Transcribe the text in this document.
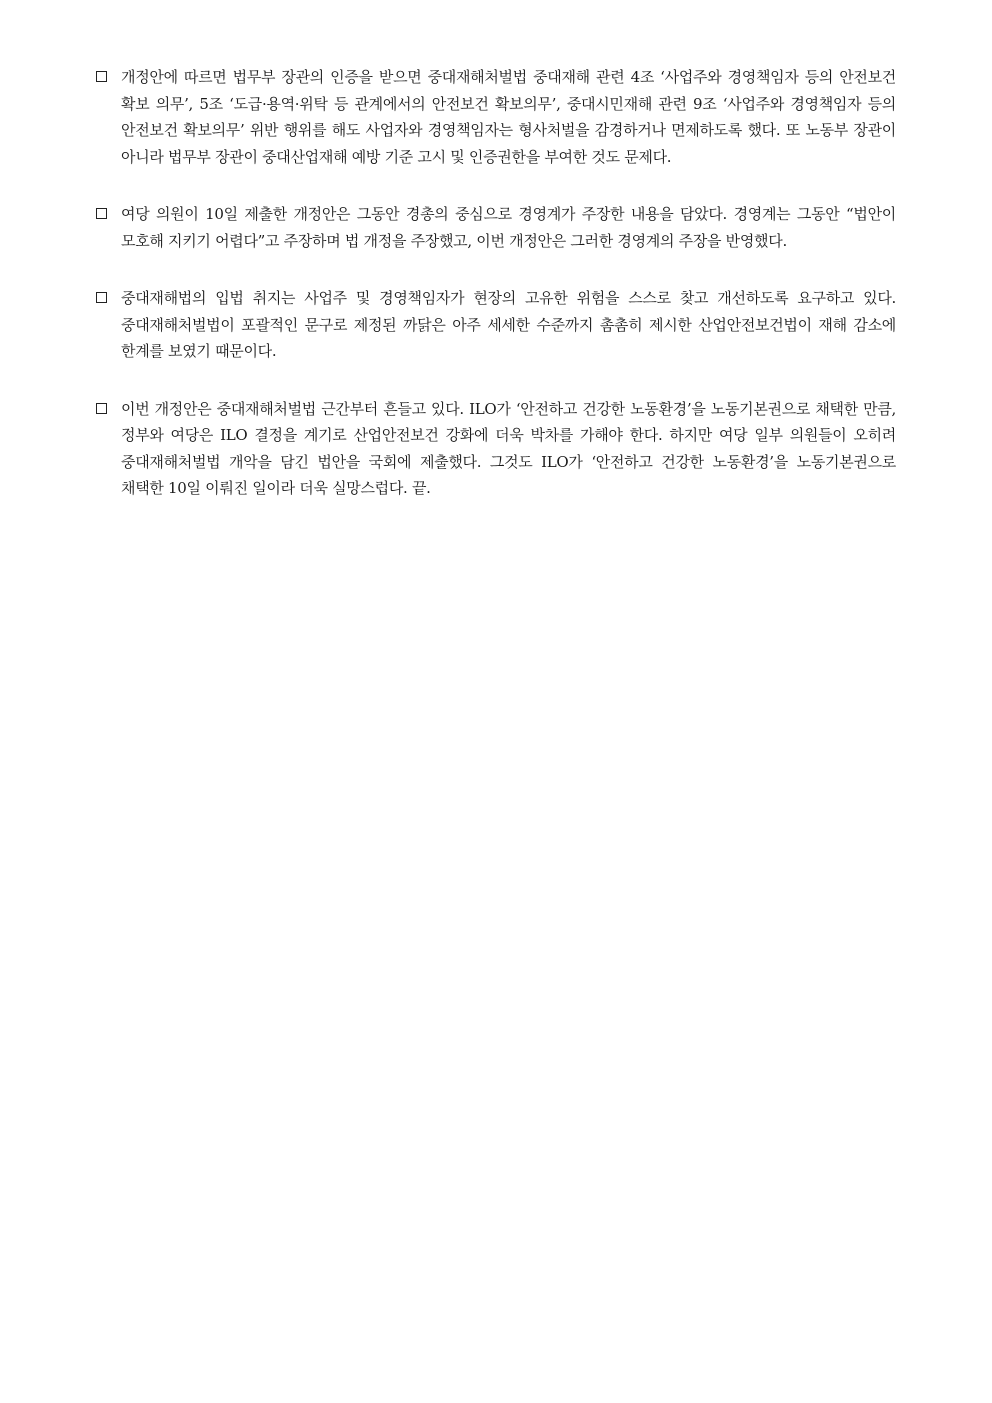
개정안에 따르면 법무부 장관의 인증을 받으면 중대재해처벌법 중대재해 관련 4조 ‘사업주와 경영책임자 등의 안전보건 확보 의무’, 5조 ‘도급·용역·위탁 등 관계에서의 안전보건 확보의무’, 중대시민재해 관련 9조 ‘사업주와 경영책임자 등의 안전보건 확보의무’ 위반 행위를 해도 사업자와 경영책임자는 형사처벌을 감경하거나 면제하도록 했다. 또 노동부 장관이 아니라 법무부 장관이 중대산업재해 예방 기준 고시 및 인증권한을 부여한 것도 문제다.
여당 의원이 10일 제출한 개정안은 그동안 경총의 중심으로 경영계가 주장한 내용을 담았다. 경영계는 그동안 “법안이 모호해 지키기 어렵다”고 주장하며 법 개정을 주장했고, 이번 개정안은 그러한 경영계의 주장을 반영했다.
중대재해법의 입법 취지는 사업주 및 경영책임자가 현장의 고유한 위험을 스스로 찾고 개선하도록 요구하고 있다. 중대재해처벌법이 포괄적인 문구로 제정된 까닭은 아주 세세한 수준까지 촘촘히 제시한 산업안전보건법이 재해 감소에 한계를 보였기 때문이다.
이번 개정안은 중대재해처벌법 근간부터 흔들고 있다. ILO가 ‘안전하고 건강한 노동환경’을 노동기본권으로 채택한 만큼, 정부와 여당은 ILO 결정을 계기로 산업안전보건 강화에 더욱 박차를 가해야 한다. 하지만 여당 일부 의원들이 오히려 중대재해처벌법 개악을 담긴 법안을 국회에 제출했다. 그것도 ILO가 ‘안전하고 건강한 노동환경’을 노동기본권으로 채택한 10일 이뤄진 일이라 더욱 실망스럽다. 끝.
